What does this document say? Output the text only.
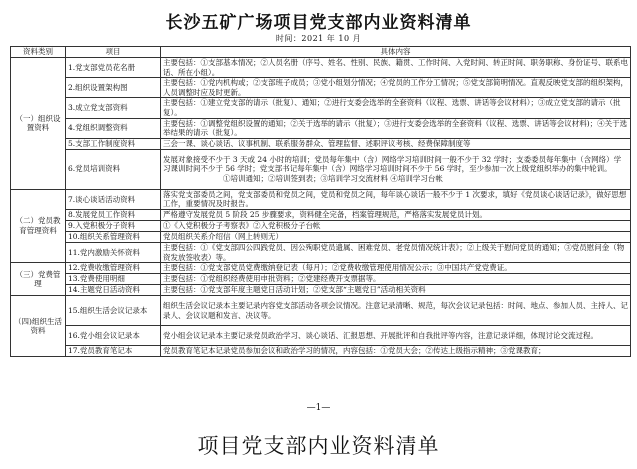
长沙五矿广场项目党支部内业资料清单
时间：2021 年 10 月
资料类别	项目	具体内容
（一）组织设置资料	1.党支部党员花名册	主要包括：①支部基本情况；②人员名册（序号、姓名、性别、民族、籍贯、工作时间、入党时间、转正时间、职务职称、身份证号、联系电话、所在小组）。

	2.组织设置架构图	主要包括：①党内机构或；②支部班子成员；③党小组划分情况；④党员的工作分工情况；⑤党支部简明情况。直观反映党支部的组织架构，人员调整时应及时更新。

	3.成立党支部资料	主要包括：①建立党支部的请示（批复）、通知；②进行支委会选举的全套资料（议程、选票、讲话等会议材料）；③成立党支部的请示（批复）。

	4.党组织调整资料	主要包括：①调整党组织设置的通知；②关于选举的请示（批复）；③进行支委会选举的全套资料（议程、选票、讲话等会议材料)；④关于选举结果的请示（批复）。

	5.支部工作制度资料	三会一课、谈心谈话、议事机制、联系服务群众、管理监督、述职评议考核、经费保障制度等

	6.党员培训资料	发展对象接受不少于 3 天或 24 小时的培训；党员每年集中（含）网络学习培训时间一般不少于 32 学时；支委委员每年集中（含网络）学习课训时间不少于 56 学时；党支部书记每年集中（含）网络学习培训时间不少于 56 学时，至少参加一次上级党组织举办的集中轮训。
①培训通知；②培训签到表；③培训学习交流材料 ④培训学习台帐

（二）党员教育管理资料	7.谈心谈话活动资料	落实党支部委员之间，党支部委员和党员之间，党员和党员之间，每年谈心谈话一般不少于 1 次要求，填好《党员谈心谈话记录》，做好思想工作，重要情况及时报告。

	8.发展党员工作资料	严格遵守发展党员 5 阶段 25 步骤要求，资料健全完备，档案管理规范，严格落实发展党员计划。

	9.入党积极分子资料	①《入党积极分子考察表》②入党积极分子台帐

	10.组织关系管理资料	党员组织关系介绍信（网上转则无）

	11.党内激励关怀资料	主要包括：①《党支部四公四践党员、因公殉职党员遗属、困难党员、老党员情况统计表》；②上级关于慰问党员的通知；③党员慰问金（物资发放签收表）等。

（三）党费管理	12.党费收缴管理资料	主要包括：①党支部党员党费缴纳登记表（每月）；②党费收缴管理使用情况公示；③中国共产党党费证。

	13.党费使用明细	主要包括：①党组织经费使用申批资料；②党建经费开支票据等。

	14.主题党日活动资料	主要包括：①党支部年度主题党日活动计划；②党支部“主题党日”活动相关资料

（四)组织生活资料	15.组织生活会议记录本	组织生活会议记录本主要记录内容党支部活动各项会议情况。注意记录清晰、规范，每次会议记录包括：时间、地点、参加人员、主持人、记录人、会议议题和发言、决议等。

	16.党小组会议记录本	党小组会议记录本主要记录党员政治学习、谈心谈话、汇报思想、开展批评和自我批评等内容，注意记录详细，体现讨论交流过程。

	17.党员教育笔记本	党员教育笔记本记录党员参加会议和政治学习的情况，内容包括：①党员大会；②传达上级指示精神；③党课教育；
—1—
项目党支部内业资料清单
